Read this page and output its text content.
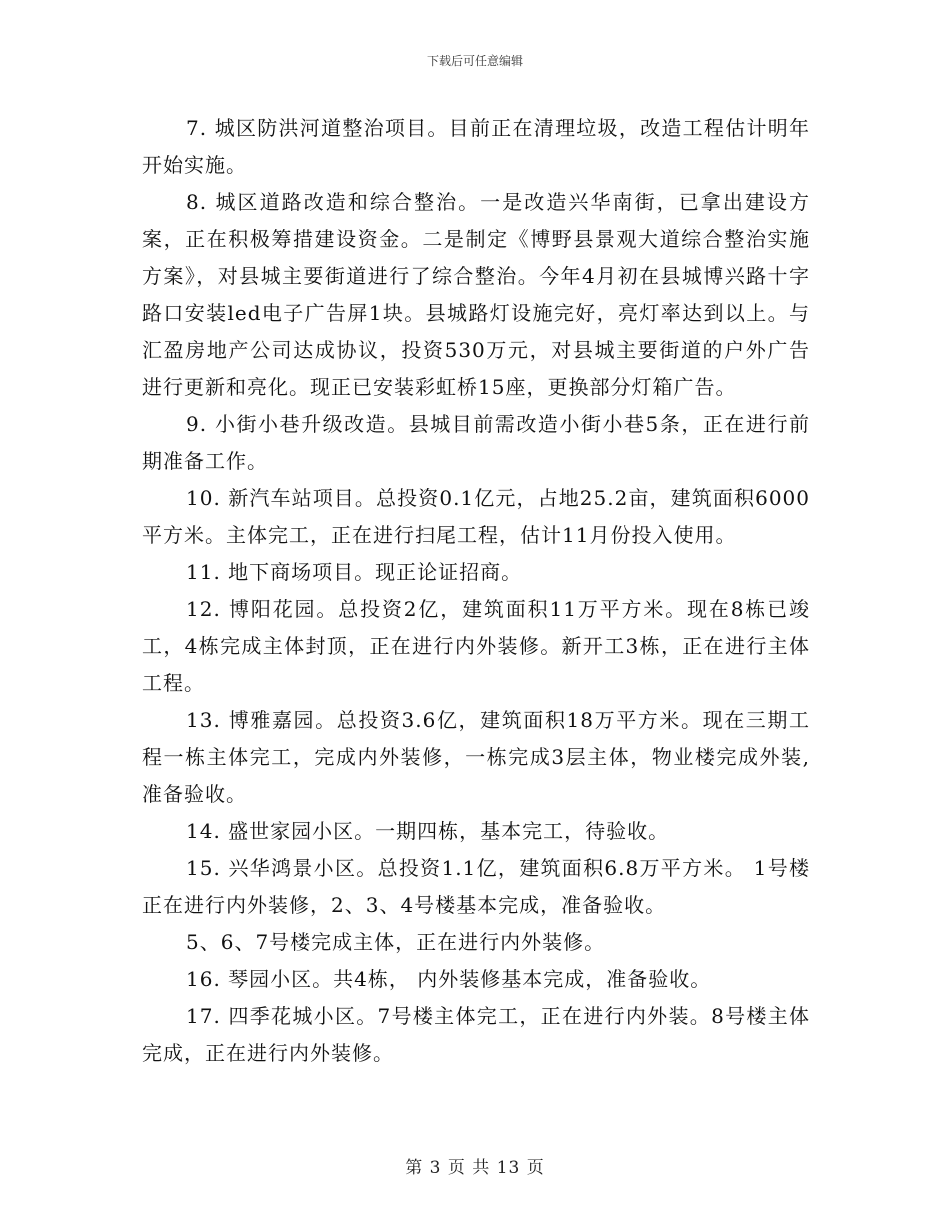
下载后可任意编辑

7. 城区防洪河道整治项目。目前正在清理垃圾，改造工程估计明年开始实施。

8. 城区道路改造和综合整治。一是改造兴华南街，已拿出建设方案，正在积极筹措建设资金。二是制定《博野县景观大道综合整治实施方案》，对县城主要街道进行了综合整治。今年4月初在县城博兴路十字路口安装led电子广告屏1块。县城路灯设施完好，亮灯率达到以上。与汇盈房地产公司达成协议，投资530万元，对县城主要街道的户外广告进行更新和亮化。现正已安装彩虹桥15座，更换部分灯箱广告。

9. 小街小巷升级改造。县城目前需改造小街小巷5条，正在进行前期准备工作。

10. 新汽车站项目。总投资0.1亿元，占地25.2亩，建筑面积6000平方米。主体完工，正在进行扫尾工程，估计11月份投入使用。

11. 地下商场项目。现正论证招商。

12. 博阳花园。总投资2亿，建筑面积11万平方米。现在8栋已竣工，4栋完成主体封顶，正在进行内外装修。新开工3栋，正在进行主体工程。

13. 博雅嘉园。总投资3.6亿，建筑面积18万平方米。现在三期工程一栋主体完工，完成内外装修，一栋完成3层主体，物业楼完成外装,准备验收。

14. 盛世家园小区。一期四栋，基本完工，待验收。

15. 兴华鸿景小区。总投资1.1亿，建筑面积6.8万平方米。 1号楼正在进行内外装修，2、3、4号楼基本完成，准备验收。

5、6、7号楼完成主体，正在进行内外装修。

16. 琴园小区。共4栋， 内外装修基本完成，准备验收。

17. 四季花城小区。7号楼主体完工，正在进行内外装。8号楼主体完成，正在进行内外装修。

第 3 页 共 13 页
